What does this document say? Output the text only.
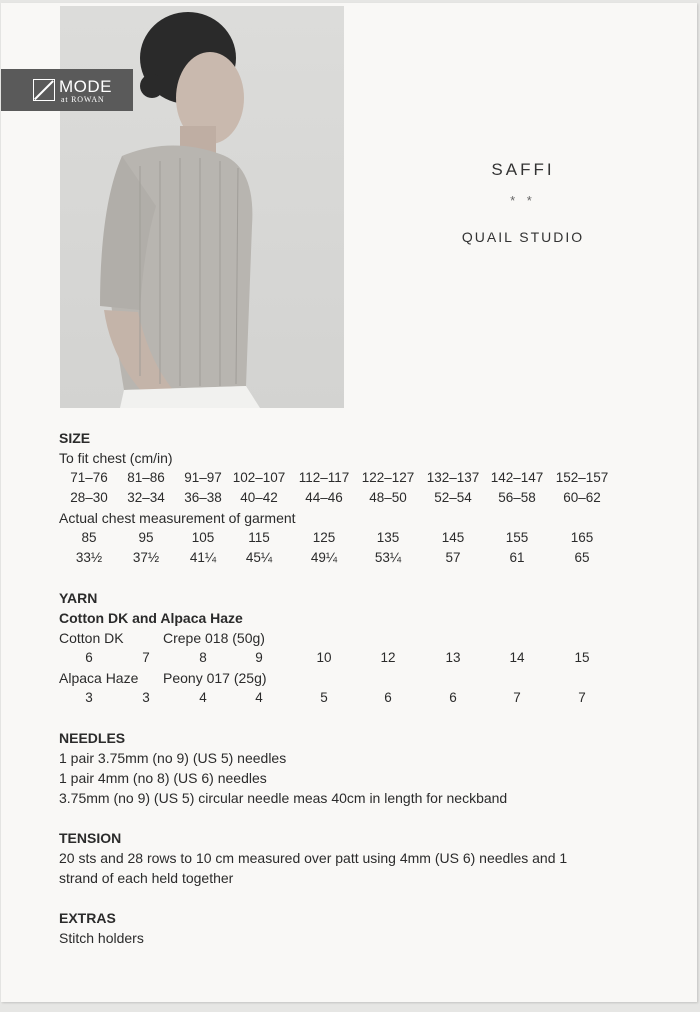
MODE
at ROWAN
SAFFI
* *
QUAIL STUDIO
SIZE
To fit chest (cm/in)
71–76	81–86	91–97 102–107 112–117 122–127 132–137 142–147 152–157
28–30	32–34	36–38	40–42	44–46	48–50	52–54	56–58	60–62
Actual chest measurement of garment
85	95	105	115	125	135	145	155	165
33½	37½	41¼	45¼	49¼	53¼	57	61	65
YARN
Cotton DK and Alpaca Haze
Cotton DK	Crepe 018 (50g)
6	7	8	9	10	12	13	14	15
Alpaca Haze Peony 017 (25g)
3	3	4	4	5	6	6	7	7
NEEDLES
1 pair 3.75mm (no 9) (US 5) needles
1 pair 4mm (no 8) (US 6) needles
3.75mm (no 9) (US 5) circular needle meas 40cm in length for neckband
TENSION
20 sts and 28 rows to 10 cm measured over patt using 4mm (US 6) needles and 1
strand of each held together
EXTRAS
Stitch holders
